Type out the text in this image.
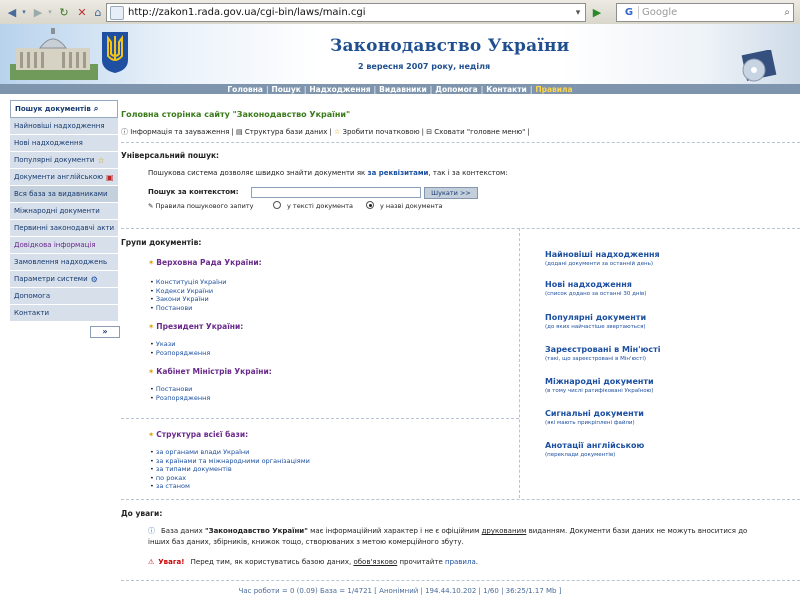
◀ ▾ ▶ ▾ ↻ ✕ ⌂	http://zakon1.rada.gov.ua/cgi-bin/laws/main.cgi	▾	▶	G Google	⌕
Законодавство України
2 вересня 2007 року, неділя
Головна | Пошук | Надходження | Видавники | Допомога | Контакти | Правила
Пошук документів ⌕
Найновіші надходження
Нові надходження
Популярні документи ☆
Документи англійською ▣
Вся база за видавниками
Міжнародні документи
Первинні законодавчі акти
Довідкова інформація
Замовлення надходжень
Параметри системи ⚙
Допомога
Контакти
»
Головна сторінка сайту "Законодавство України"
ⓘ Інформація та зауваження | ▤ Структура бази даних | ☆ Зробити початковою | ⊟ Сховати "головне меню" |
Універсальний пошук:
Пошукова система дозволяє швидко знайти документи як за реквізитами, так і за контекстом:
Пошук за контекстом:	Шукати >>
✎ Правила пошукового запиту	у тексті документа	у назві документа
Групи документів:
✶ Верховна Рада України:
• Конституція України
• Кодекси України
• Закони України
• Постанови
✶ Президент України:
• Укази
• Розпорядження
✶ Кабінет Міністрів України:
• Постанови
• Розпорядження
✶ Структура всієї бази:
• за органами влади України
• за країнами та міжнародними організаціями
• за типами документів
• по роках
• за станом
Найновіші надходження
(додані документи за останній день)
Нові надходження
(список додано за останні 30 днів)
Популярні документи
(до яких найчастіше звертаються)
Зареєстровані в Мін'юсті
(такі, що зареєстровані в Мін'юсті)
Міжнародні документи
(в тому числі ратифіковані Україною)
Сигнальні документи
(які мають прикріплені файли)
Анотації англійською
(переклади документів)
До уваги:
ⓘ База даних "Законодавство України" має інформаційний характер і не є офіційним друкованим виданням. Документи бази даних не можуть вноситися до
інших баз даних, збірників, книжок тощо, створюваних з метою комерційного збуту.
⚠ Увага! Перед тим, як користуватись базою даних, обов'язково прочитайте правила.
Час роботи = 0 (0.09) База = 1/4721 [ Анонімний | 194.44.10.202 | 1/60 | 36:25/1.17 Mb ]
